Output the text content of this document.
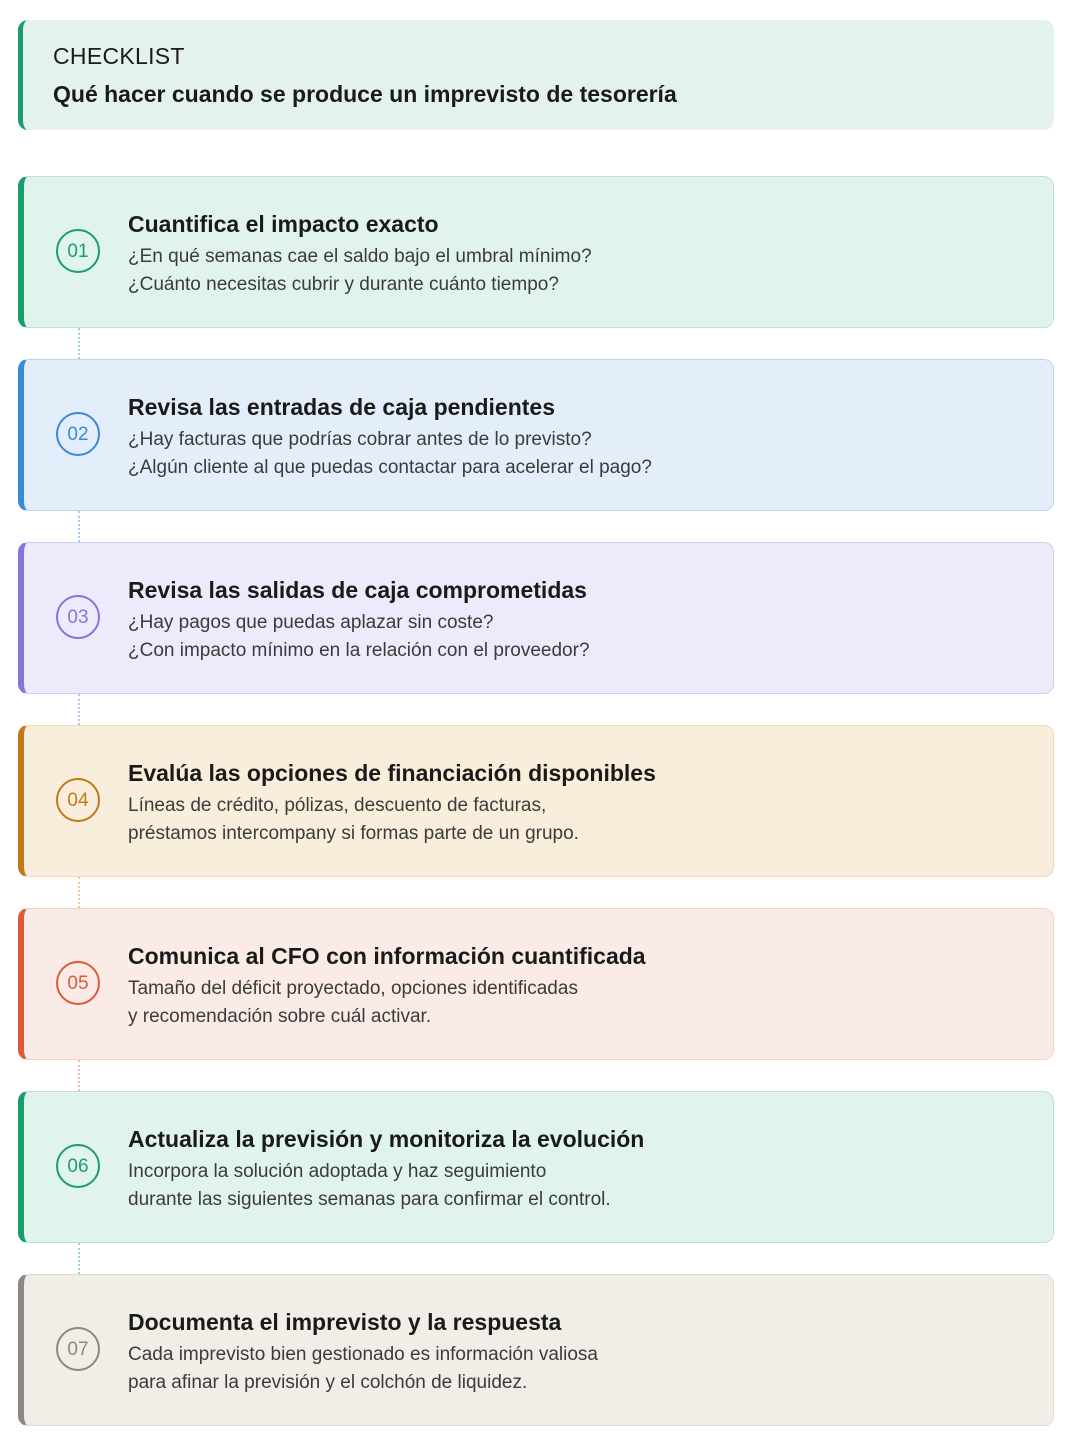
CHECKLIST
Qué hacer cuando se produce un imprevisto de tesorería
01
Cuantifica el impacto exacto
¿En qué semanas cae el saldo bajo el umbral mínimo?
¿Cuánto necesitas cubrir y durante cuánto tiempo?
02
Revisa las entradas de caja pendientes
¿Hay facturas que podrías cobrar antes de lo previsto?
¿Algún cliente al que puedas contactar para acelerar el pago?
03
Revisa las salidas de caja comprometidas
¿Hay pagos que puedas aplazar sin coste?
¿Con impacto mínimo en la relación con el proveedor?
04
Evalúa las opciones de financiación disponibles
Líneas de crédito, pólizas, descuento de facturas,
préstamos intercompany si formas parte de un grupo.
05
Comunica al CFO con información cuantificada
Tamaño del déficit proyectado, opciones identificadas
y recomendación sobre cuál activar.
06
Actualiza la previsión y monitoriza la evolución
Incorpora la solución adoptada y haz seguimiento
durante las siguientes semanas para confirmar el control.
07
Documenta el imprevisto y la respuesta
Cada imprevisto bien gestionado es información valiosa
para afinar la previsión y el colchón de liquidez.
